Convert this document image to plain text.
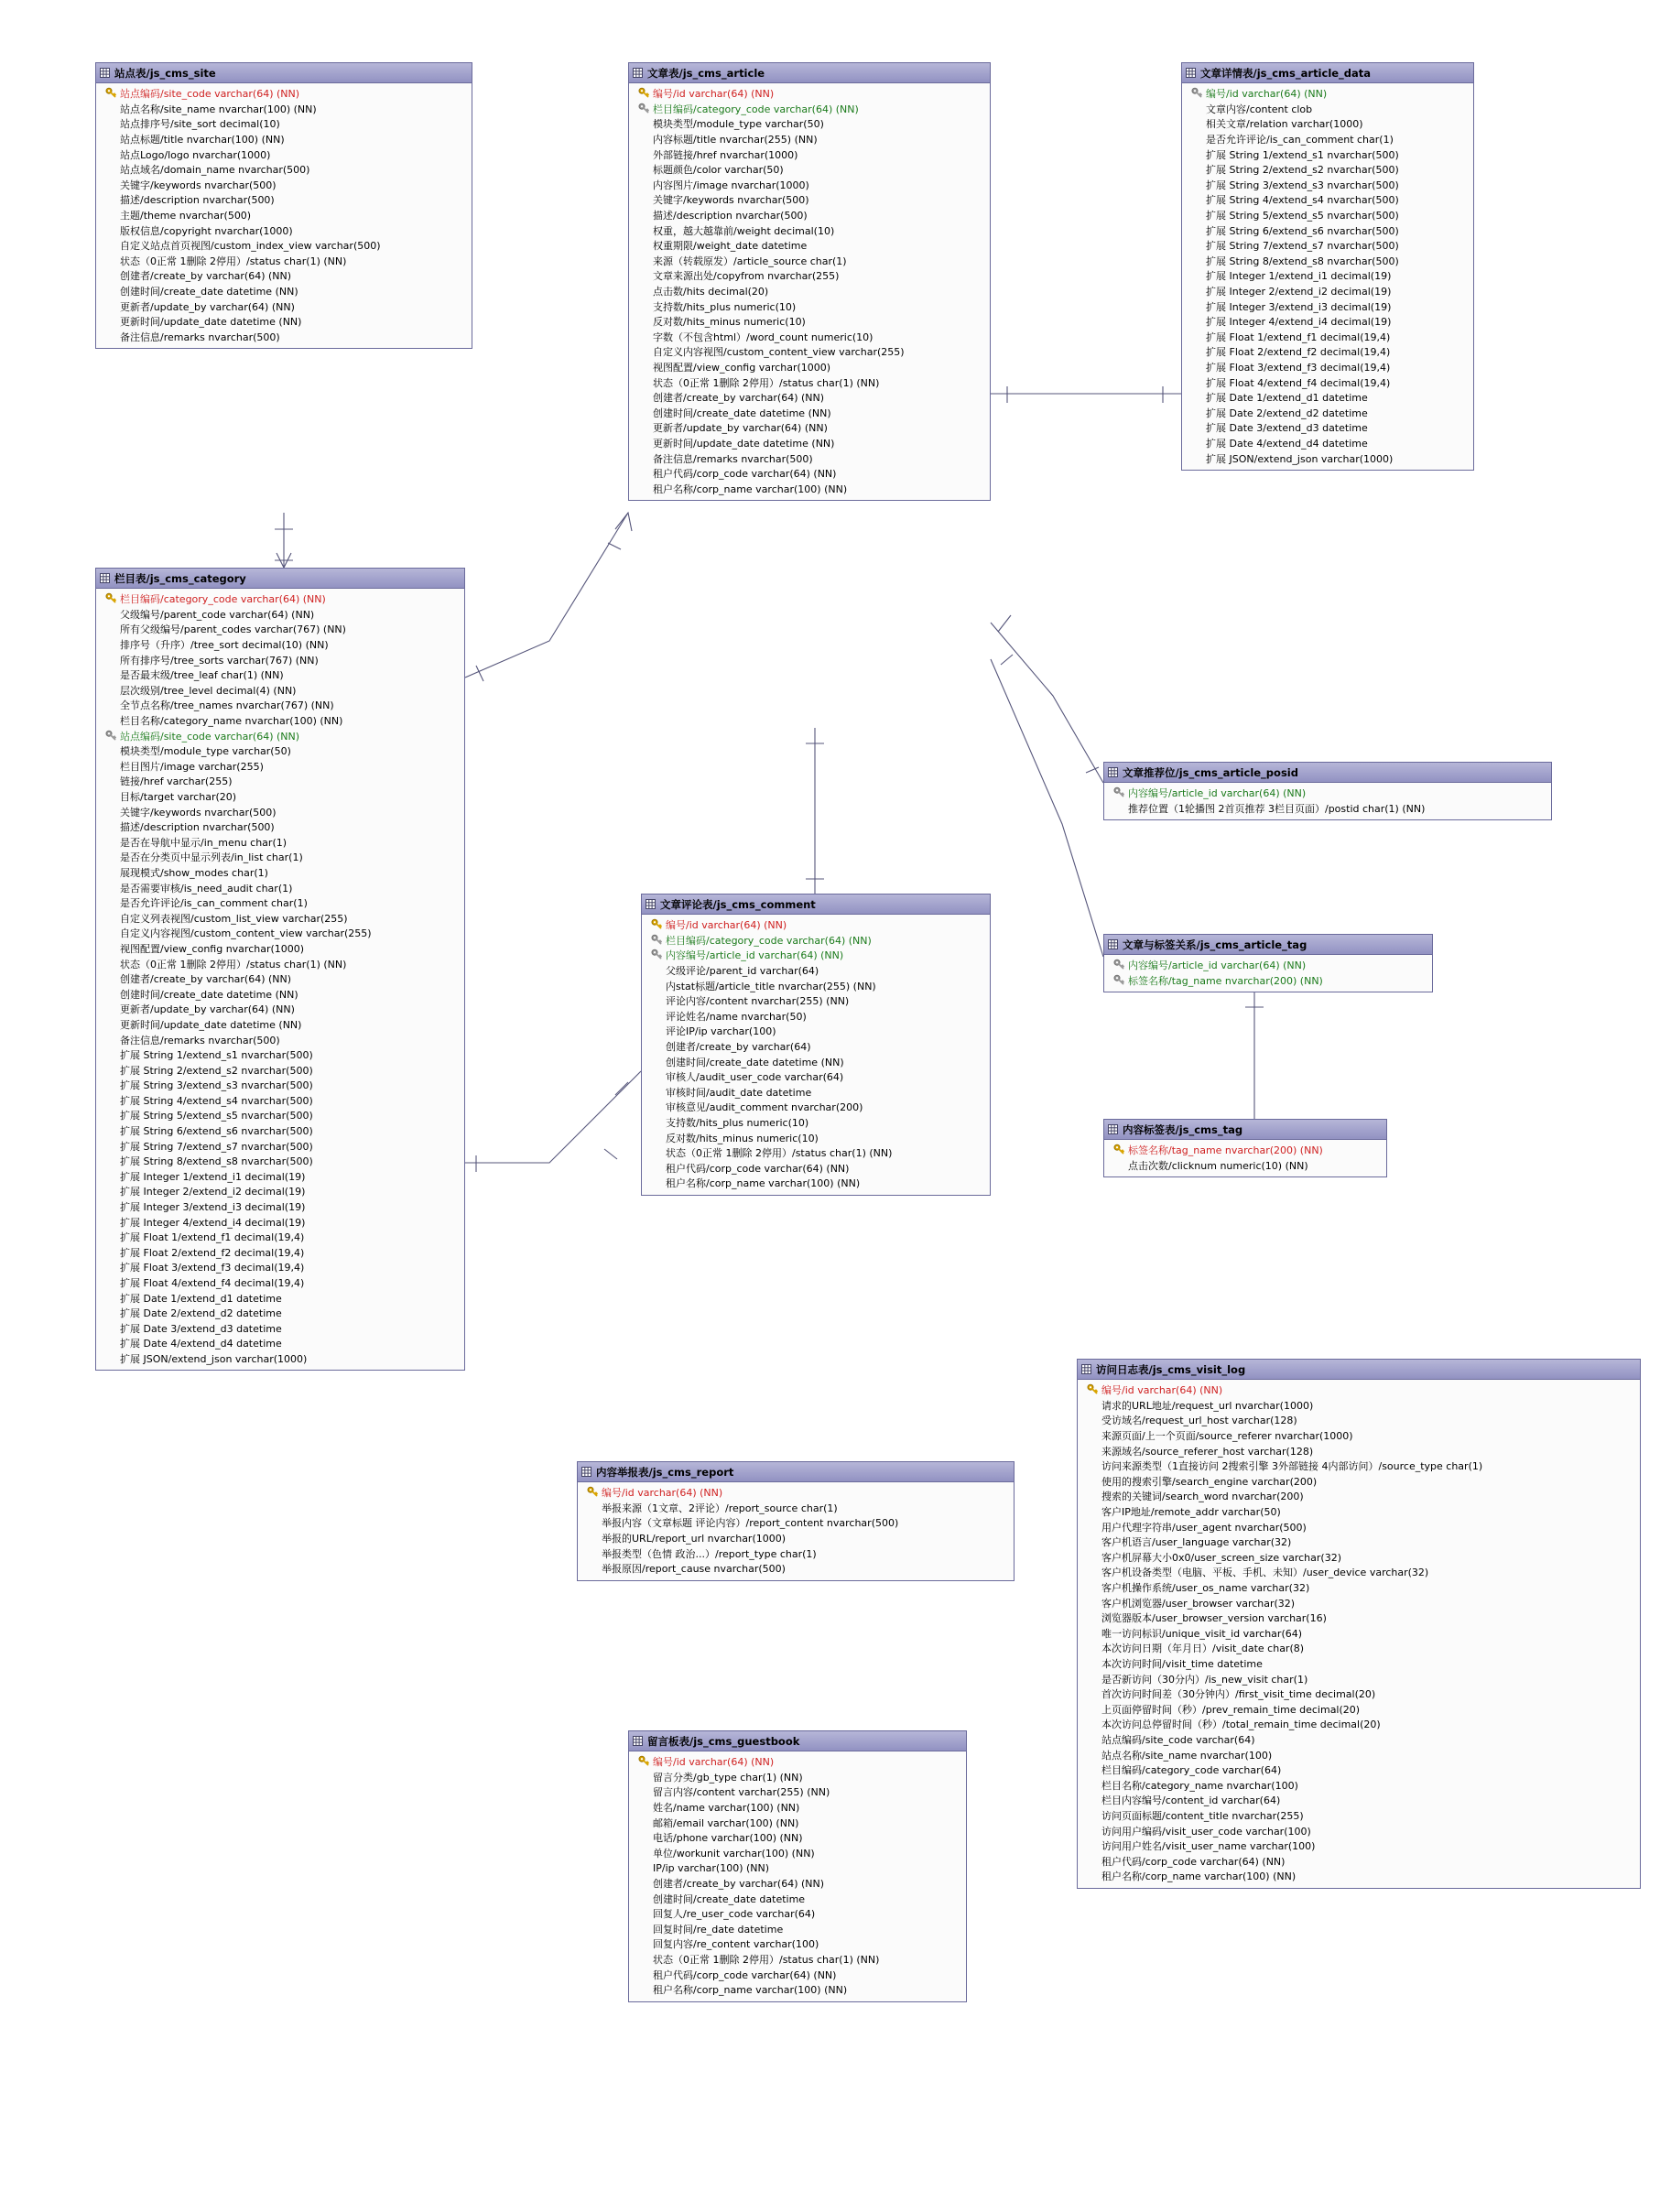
站点表/js_cms_site
站点编码/site_code varchar(64) (NN)
站点名称/site_name nvarchar(100) (NN)
站点排序号/site_sort decimal(10)
站点标题/title nvarchar(100) (NN)
站点Logo/logo nvarchar(1000)
站点域名/domain_name nvarchar(500)
关键字/keywords nvarchar(500)
描述/description nvarchar(500)
主题/theme nvarchar(500)
版权信息/copyright nvarchar(1000)
自定义站点首页视图/custom_index_view varchar(500)
状态（0正常 1删除 2停用）/status char(1) (NN)
创建者/create_by varchar(64) (NN)
创建时间/create_date datetime (NN)
更新者/update_by varchar(64) (NN)
更新时间/update_date datetime (NN)
备注信息/remarks nvarchar(500)
栏目表/js_cms_category
栏目编码/category_code varchar(64) (NN)
父级编号/parent_code varchar(64) (NN)
所有父级编号/parent_codes varchar(767) (NN)
排序号（升序）/tree_sort decimal(10) (NN)
所有排序号/tree_sorts varchar(767) (NN)
是否最末级/tree_leaf char(1) (NN)
层次级别/tree_level decimal(4) (NN)
全节点名称/tree_names nvarchar(767) (NN)
栏目名称/category_name nvarchar(100) (NN)
站点编码/site_code varchar(64) (NN)
模块类型/module_type varchar(50)
栏目图片/image varchar(255)
链接/href varchar(255)
目标/target varchar(20)
关键字/keywords nvarchar(500)
描述/description nvarchar(500)
是否在导航中显示/in_menu char(1)
是否在分类页中显示列表/in_list char(1)
展现模式/show_modes char(1)
是否需要审核/is_need_audit char(1)
是否允许评论/is_can_comment char(1)
自定义列表视图/custom_list_view varchar(255)
自定义内容视图/custom_content_view varchar(255)
视图配置/view_config nvarchar(1000)
状态（0正常 1删除 2停用）/status char(1) (NN)
创建者/create_by varchar(64) (NN)
创建时间/create_date datetime (NN)
更新者/update_by varchar(64) (NN)
更新时间/update_date datetime (NN)
备注信息/remarks nvarchar(500)
扩展 String 1/extend_s1 nvarchar(500)
扩展 String 2/extend_s2 nvarchar(500)
扩展 String 3/extend_s3 nvarchar(500)
扩展 String 4/extend_s4 nvarchar(500)
扩展 String 5/extend_s5 nvarchar(500)
扩展 String 6/extend_s6 nvarchar(500)
扩展 String 7/extend_s7 nvarchar(500)
扩展 String 8/extend_s8 nvarchar(500)
扩展 Integer 1/extend_i1 decimal(19)
扩展 Integer 2/extend_i2 decimal(19)
扩展 Integer 3/extend_i3 decimal(19)
扩展 Integer 4/extend_i4 decimal(19)
扩展 Float 1/extend_f1 decimal(19,4)
扩展 Float 2/extend_f2 decimal(19,4)
扩展 Float 3/extend_f3 decimal(19,4)
扩展 Float 4/extend_f4 decimal(19,4)
扩展 Date 1/extend_d1 datetime
扩展 Date 2/extend_d2 datetime
扩展 Date 3/extend_d3 datetime
扩展 Date 4/extend_d4 datetime
扩展 JSON/extend_json varchar(1000)
文章表/js_cms_article
编号/id varchar(64) (NN)
栏目编码/category_code varchar(64) (NN)
模块类型/module_type varchar(50)
内容标题/title nvarchar(255) (NN)
外部链接/href nvarchar(1000)
标题颜色/color varchar(50)
内容图片/image nvarchar(1000)
关键字/keywords nvarchar(500)
描述/description nvarchar(500)
权重，越大越靠前/weight decimal(10)
权重期限/weight_date datetime
来源（转载原发）/article_source char(1)
文章来源出处/copyfrom nvarchar(255)
点击数/hits decimal(20)
支持数/hits_plus numeric(10)
反对数/hits_minus numeric(10)
字数（不包含html）/word_count numeric(10)
自定义内容视图/custom_content_view varchar(255)
视图配置/view_config varchar(1000)
状态（0正常 1删除 2停用）/status char(1) (NN)
创建者/create_by varchar(64) (NN)
创建时间/create_date datetime (NN)
更新者/update_by varchar(64) (NN)
更新时间/update_date datetime (NN)
备注信息/remarks nvarchar(500)
租户代码/corp_code varchar(64) (NN)
租户名称/corp_name varchar(100) (NN)
文章详情表/js_cms_article_data
编号/id varchar(64) (NN)
文章内容/content clob
相关文章/relation varchar(1000)
是否允许评论/is_can_comment char(1)
扩展 String 1/extend_s1 nvarchar(500)
扩展 String 2/extend_s2 nvarchar(500)
扩展 String 3/extend_s3 nvarchar(500)
扩展 String 4/extend_s4 nvarchar(500)
扩展 String 5/extend_s5 nvarchar(500)
扩展 String 6/extend_s6 nvarchar(500)
扩展 String 7/extend_s7 nvarchar(500)
扩展 String 8/extend_s8 nvarchar(500)
扩展 Integer 1/extend_i1 decimal(19)
扩展 Integer 2/extend_i2 decimal(19)
扩展 Integer 3/extend_i3 decimal(19)
扩展 Integer 4/extend_i4 decimal(19)
扩展 Float 1/extend_f1 decimal(19,4)
扩展 Float 2/extend_f2 decimal(19,4)
扩展 Float 3/extend_f3 decimal(19,4)
扩展 Float 4/extend_f4 decimal(19,4)
扩展 Date 1/extend_d1 datetime
扩展 Date 2/extend_d2 datetime
扩展 Date 3/extend_d3 datetime
扩展 Date 4/extend_d4 datetime
扩展 JSON/extend_json varchar(1000)
文章推荐位/js_cms_article_posid
内容编号/article_id varchar(64) (NN)
推荐位置（1轮播图 2首页推荐 3栏目页面）/postid char(1) (NN)
文章与标签关系/js_cms_article_tag
内容编号/article_id varchar(64) (NN)
标签名称/tag_name nvarchar(200) (NN)
内容标签表/js_cms_tag
标签名称/tag_name nvarchar(200) (NN)
点击次数/clicknum numeric(10) (NN)
文章评论表/js_cms_comment
编号/id varchar(64) (NN)
栏目编码/category_code varchar(64) (NN)
内容编号/article_id varchar(64) (NN)
父级评论/parent_id varchar(64)
内stat标题/article_title nvarchar(255) (NN)
评论内容/content nvarchar(255) (NN)
评论姓名/name nvarchar(50)
评论IP/ip varchar(100)
创建者/create_by varchar(64)
创建时间/create_date datetime (NN)
审核人/audit_user_code varchar(64)
审核时间/audit_date datetime
审核意见/audit_comment nvarchar(200)
支持数/hits_plus numeric(10)
反对数/hits_minus numeric(10)
状态（0正常 1删除 2停用）/status char(1) (NN)
租户代码/corp_code varchar(64) (NN)
租户名称/corp_name varchar(100) (NN)
内容举报表/js_cms_report
编号/id varchar(64) (NN)
举报来源（1文章、2评论）/report_source char(1)
举报内容（文章标题 评论内容）/report_content nvarchar(500)
举报的URL/report_url nvarchar(1000)
举报类型（色情 政治...）/report_type char(1)
举报原因/report_cause nvarchar(500)
留言板表/js_cms_guestbook
编号/id varchar(64) (NN)
留言分类/gb_type char(1) (NN)
留言内容/content varchar(255) (NN)
姓名/name varchar(100) (NN)
邮箱/email varchar(100) (NN)
电话/phone varchar(100) (NN)
单位/workunit varchar(100) (NN)
IP/ip varchar(100) (NN)
创建者/create_by varchar(64) (NN)
创建时间/create_date datetime
回复人/re_user_code varchar(64)
回复时间/re_date datetime
回复内容/re_content varchar(100)
状态（0正常 1删除 2停用）/status char(1) (NN)
租户代码/corp_code varchar(64) (NN)
租户名称/corp_name varchar(100) (NN)
访问日志表/js_cms_visit_log
编号/id varchar(64) (NN)
请求的URL地址/request_url nvarchar(1000)
受访域名/request_url_host varchar(128)
来源页面/上一个页面/source_referer nvarchar(1000)
来源域名/source_referer_host varchar(128)
访问来源类型（1直接访问 2搜索引擎 3外部链接 4内部访问）/source_type char(1)
使用的搜索引擎/search_engine varchar(200)
搜索的关键词/search_word nvarchar(200)
客户IP地址/remote_addr varchar(50)
用户代理字符串/user_agent nvarchar(500)
客户机语言/user_language varchar(32)
客户机屏幕大小0x0/user_screen_size varchar(32)
客户机设备类型（电脑、平板、手机、未知）/user_device varchar(32)
客户机操作系统/user_os_name varchar(32)
客户机浏览器/user_browser varchar(32)
浏览器版本/user_browser_version varchar(16)
唯一访问标识/unique_visit_id varchar(64)
本次访问日期（年月日）/visit_date char(8)
本次访问时间/visit_time datetime
是否新访问（30分内）/is_new_visit char(1)
首次访问时间差（30分钟内）/first_visit_time decimal(20)
上页面停留时间（秒）/prev_remain_time decimal(20)
本次访问总停留时间（秒）/total_remain_time decimal(20)
站点编码/site_code varchar(64)
站点名称/site_name nvarchar(100)
栏目编码/category_code varchar(64)
栏目名称/category_name nvarchar(100)
栏目内容编号/content_id varchar(64)
访问页面标题/content_title nvarchar(255)
访问用户编码/visit_user_code varchar(100)
访问用户姓名/visit_user_name varchar(100)
租户代码/corp_code varchar(64) (NN)
租户名称/corp_name varchar(100) (NN)
